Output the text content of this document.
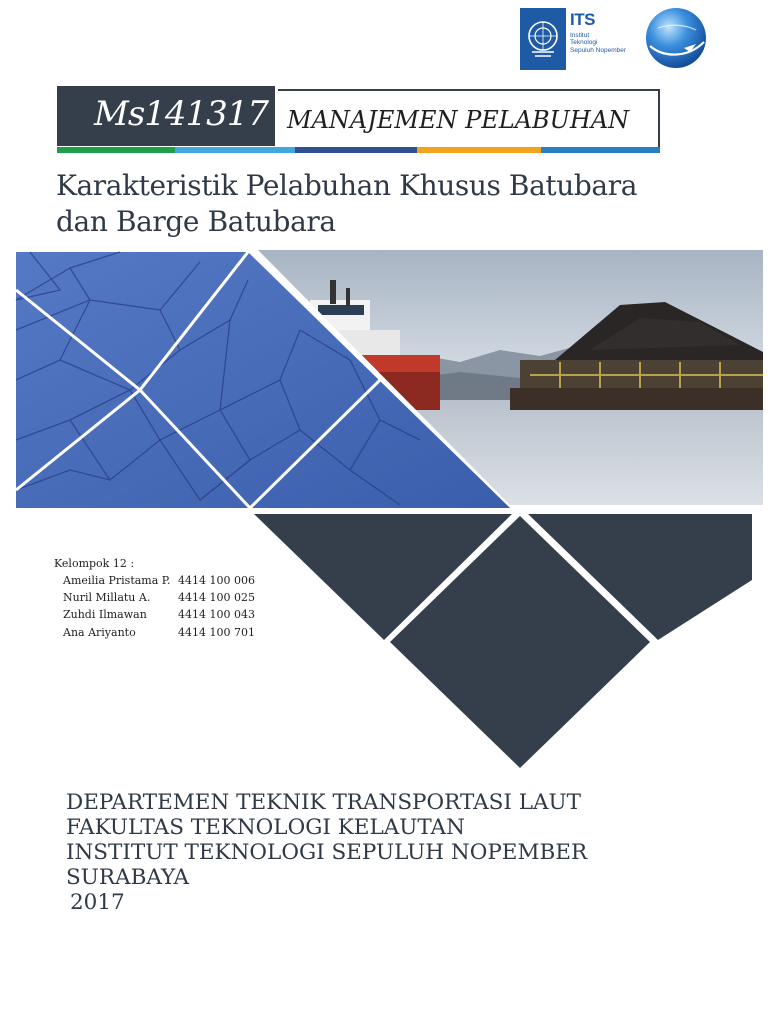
ITS
Institut
Teknologi
Sepuluh Nopember
Ms141317 MANAJEMEN PELABUHAN
Karakteristik Pelabuhan Khusus Batubara
dan Barge Batubara
Kelompok 12 :
Ameilia Pristama P. 4414 100 006
Nuril Millatu A.	4414 100 025
Zuhdi Ilmawan	4414 100 043
Ana Ariyanto	4414 100 701
DEPARTEMEN TEKNIK TRANSPORTASI LAUT
FAKULTAS TEKNOLOGI KELAUTAN
INSTITUT TEKNOLOGI SEPULUH NOPEMBER
SURABAYA
2017
